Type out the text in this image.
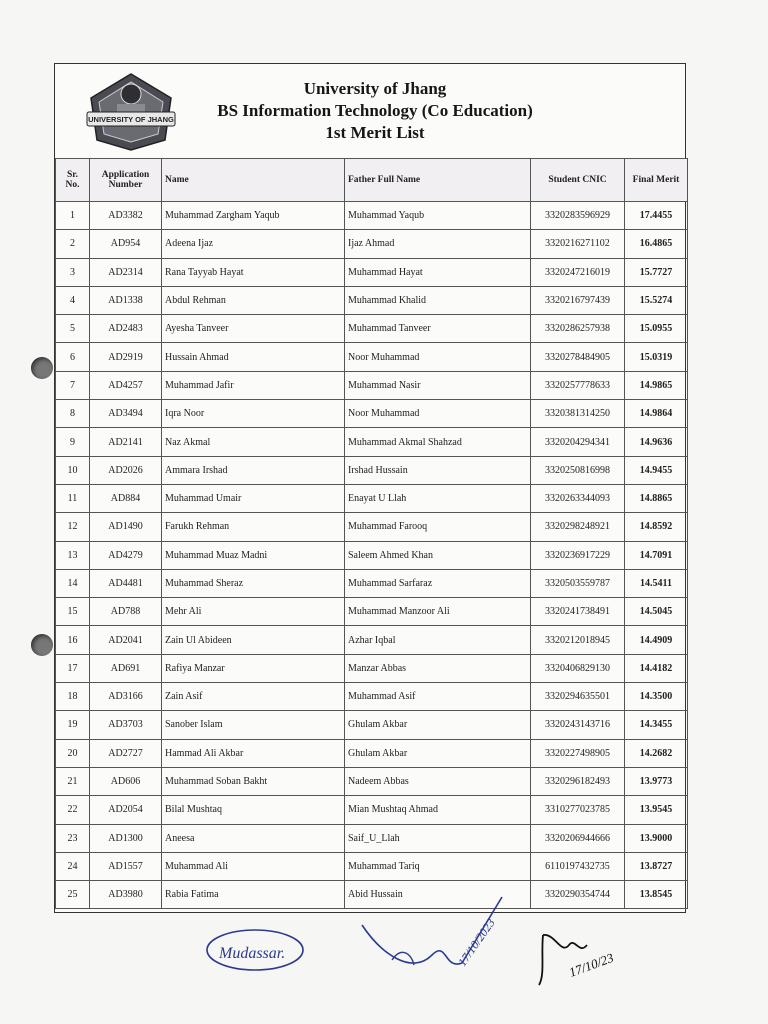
UNIVERSITY OF JHANG
University of Jhang
BS Information Technology (Co Education)
1st Merit List
Sr. No.	Application Number	Name	Father Full Name	Student CNIC	Final Merit
1	AD3382	Muhammad Zargham Yaqub	Muhammad Yaqub	3320283596929	17.4455
2	AD954	Adeena Ijaz	Ijaz Ahmad	3320216271102	16.4865
3	AD2314	Rana Tayyab Hayat	Muhammad Hayat	3320247216019	15.7727
4	AD1338	Abdul Rehman	Muhammad Khalid	3320216797439	15.5274
5	AD2483	Ayesha Tanveer	Muhammad Tanveer	3320286257938	15.0955
6	AD2919	Hussain Ahmad	Noor Muhammad	3320278484905	15.0319
7	AD4257	Muhammad Jafir	Muhammad Nasir	3320257778633	14.9865
8	AD3494	Iqra Noor	Noor Muhammad	3320381314250	14.9864
9	AD2141	Naz Akmal	Muhammad Akmal Shahzad	3320204294341	14.9636
10	AD2026	Ammara Irshad	Irshad Hussain	3320250816998	14.9455
11	AD884	Muhammad Umair	Enayat U Llah	3320263344093	14.8865
12	AD1490	Farukh Rehman	Muhammad Farooq	3320298248921	14.8592
13	AD4279	Muhammad Muaz Madni	Saleem Ahmed Khan	3320236917229	14.7091
14	AD4481	Muhammad Sheraz	Muhammad Sarfaraz	3320503559787	14.5411
15	AD788	Mehr Ali	Muhammad Manzoor Ali	3320241738491	14.5045
16	AD2041	Zain Ul Abideen	Azhar Iqbal	3320212018945	14.4909
17	AD691	Rafiya Manzar	Manzar Abbas	3320406829130	14.4182
18	AD3166	Zain Asif	Muhammad Asif	3320294635501	14.3500
19	AD3703	Sanober Islam	Ghulam Akbar	3320243143716	14.3455
20	AD2727	Hammad Ali Akbar	Ghulam Akbar	3320227498905	14.2682
21	AD606	Muhammad Soban Bakht	Nadeem Abbas	3320296182493	13.9773
22	AD2054	Bilal Mushtaq	Mian Mushtaq Ahmad	3310277023785	13.9545
23	AD1300	Aneesa	Saif_U_Llah	3320206944666	13.9000
24	AD1557	Muhammad Ali	Muhammad Tariq	6110197432735	13.8727
25	AD3980	Rabia Fatima	Abid Hussain	3320290354744	13.8545
Mudassar.	17/10/2023	17/10/23
